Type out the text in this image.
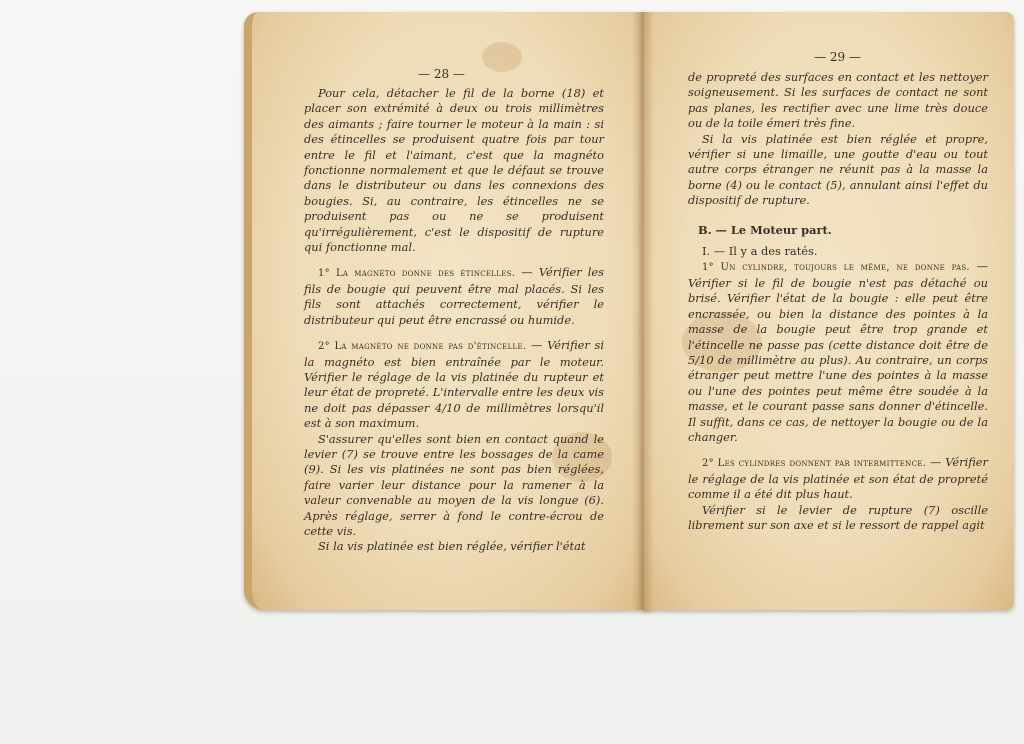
— 28 —
— 29 —

Pour cela, détacher le fil de la borne (18) et placer son extrémité à deux ou trois millimètres des aimants ; faire tourner le moteur à la main : si des étincelles se produisent quatre fois par tour entre le fil et l'aimant, c'est que la magnéto fonctionne normalement et que le défaut se trouve dans le distributeur ou dans les connexions des bougies. Si, au contraire, les étincelles ne se produisent pas ou ne se produisent qu'irrégulièrement, c'est le dispositif de rupture qui fonctionne mal.

1° La magnéto donne des étincelles. — Vérifier les fils de bougie qui peuvent être mal placés. Si les fils sont attachés correctement, vérifier le distributeur qui peut être encrassé ou humide.

2° La magnéto ne donne pas d'étincelle. — Vérifier si la magnéto est bien entraînée par le moteur. Vérifier le réglage de la vis platinée du rupteur et leur état de propreté. L'intervalle entre les deux vis ne doit pas dépasser 4/10 de millimètres lorsqu'il est à son maximum.

S'assurer qu'elles sont bien en contact quand le levier (7) se trouve entre les bossages de la came (9). Si les vis platinées ne sont pas bien réglées, faire varier leur distance pour la ramener à la valeur convenable au moyen de la vis longue (6). Après réglage, serrer à fond le contre-écrou de cette vis.

Si la vis platinée est bien réglée, vérifier l'état

de propreté des surfaces en contact et les nettoyer soigneusement. Si les surfaces de contact ne sont pas planes, les rectifier avec une lime très douce ou de la toile émeri très fine.

Si la vis platinée est bien réglée et propre, vérifier si une limaille, une goutte d'eau ou tout autre corps étranger ne réunit pas à la masse la borne (4) ou le contact (5), annulant ainsi l'effet du dispositif de rupture.

B. — Le Moteur part.

I. — Il y a des ratés.

1° Un cylindre, toujours le même, ne donne pas. — Vérifier si le fil de bougie n'est pas détaché ou brisé. Vérifier l'état de la bougie : elle peut être encrassée, ou bien la distance des pointes à la masse de la bougie peut être trop grande et l'étincelle ne passe pas (cette distance doit être de 5/10 de millimètre au plus). Au contraire, un corps étranger peut mettre l'une des pointes à la masse ou l'une des pointes peut même être soudée à la masse, et le courant passe sans donner d'étincelle. Il suffit, dans ce cas, de nettoyer la bougie ou de la changer.

2° Les cylindres donnent par intermittence. — Vérifier le réglage de la vis platinée et son état de propreté comme il a été dit plus haut.

Vérifier si le levier de rupture (7) oscille librement sur son axe et si le ressort de rappel agit
